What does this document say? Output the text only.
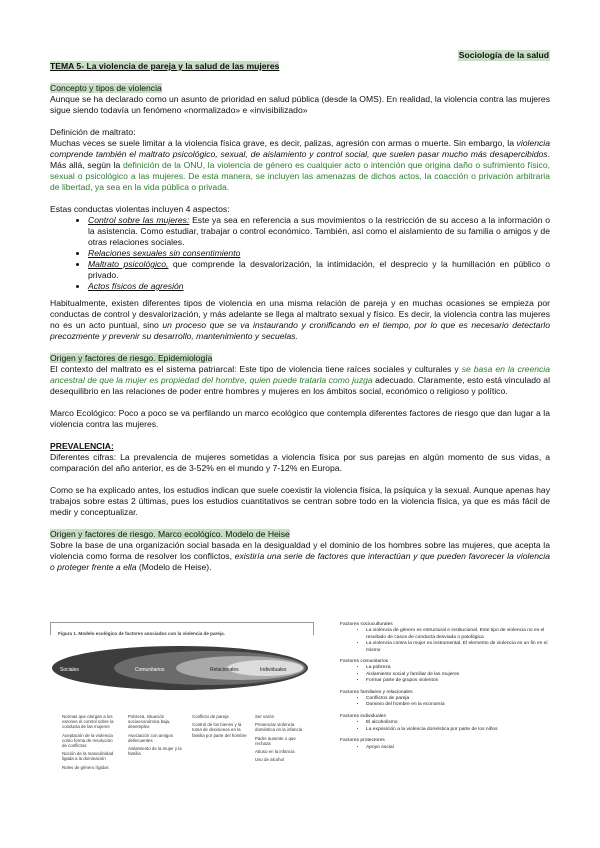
Sociología de la salud

TEMA 5- La violencia de pareja y la salud de las mujeres

Concepto y tipos de violencia

Aunque se ha declarado como un asunto de prioridad en salud pública (desde la OMS). En realidad, la violencia contra las mujeres sigue siendo todavía un fenómeno «normalizado» e «invisibilizado»

Definición de maltrato:

Muchas veces se suele limitar a la violencia física grave, es decir, palizas, agresión con armas o muerte. Sin embargo, la violencia comprende también el maltrato psicológico, sexual, de aislamiento y control social, que suelen pasar mucho más desapercibidos. Más allá, según la definición de la ONU, la violencia de género es cualquier acto o intención que origina daño o sufrimiento físico, sexual o psicológico a las mujeres. De esta manera, se incluyen las amenazas de dichos actos, la coacción o privación arbitraria de libertad, ya sea en la vida pública o privada.

Estas conductas violentas incluyen 4 aspectos:

• Control sobre las mujeres: Este ya sea en referencia a sus movimientos o la restricción de su acceso a la información o la asistencia. Como estudiar, trabajar o control económico. También, así como el aislamiento de su familia o amigos y de otras relaciones sociales.
• Relaciones sexuales sin consentimiento
• Maltrato psicológico, que comprende la desvalorización, la intimidación, el desprecio y la humillación en público o privado.
• Actos físicos de agresión

Habitualmente, existen diferentes tipos de violencia en una misma relación de pareja y en muchas ocasiones se empieza por conductas de control y desvalorización, y más adelante se llega al maltrato sexual y físico. Es decir, la violencia contra las mujeres no es un acto puntual, sino un proceso que se va instaurando y cronificando en el tiempo, por lo que es necesario detectarlo precozmente y prevenir su desarrollo, mantenimiento y secuelas.

Origen y factores de riesgo. Epidemiología

El contexto del maltrato es el sistema patriarcal: Este tipo de violencia tiene raíces sociales y culturales y se basa en la creencia ancestral de que la mujer es propiedad del hombre, quien puede tratarla como juzga adecuado. Claramente, esto está vinculado al desequilibrio en las relaciones de poder entre hombres y mujeres en los ámbitos social, económico o religioso y político.

Marco Ecológico: Poco a poco se va perfilando un marco ecológico que contempla diferentes factores de riesgo que dan lugar a la violencia contra las mujeres.

PREVALENCIA:

Diferentes cifras: La prevalencia de mujeres sometidas a violencia física por sus parejas en algún momento de sus vidas, a comparación del año anterior, es de 3-52% en el mundo y 7-12% en Europa.

Como se ha explicado antes, los estudios indican que suele coexistir la violencia física, la psíquica y la sexual. Aunque apenas hay trabajos sobre estas 2 últimas, pues los estudios cuantitativos se centran sobre todo en la violencia física, ya que es más fácil de medir y conceptualizar.

Origen y factores de riesgo. Marco ecológico. Modelo de Heise

Sobre la base de una organización social basada en la desigualdad y el dominio de los hombres sobre las mujeres, que acepta la violencia como forma de resolver los conflictos, existiría una serie de factores que interactúan y que pueden favorecer la violencia o proteger frente a ella (Modelo de Heise).

Figura 1. Modelo ecológico de factores asociados con la violencia de pareja.
Sociales	Comunitarios	Relacionales	Individuales
Normas que otorgan a los varones el control sobre la conducta de las mujeres
Aceptación de la violencia como forma de resolución de conflictos
Noción de la masculinidad ligada a la dominación
Roles de género rígidos
Pobreza, situación socioeconómica baja, desempleo
Asociación con amigos delincuentes
Aislamiento de la mujer y la familia
Conflicto de pareja
Control de los bienes y la toma de decisiones en la familia por parte del hombre
Ser varón
Presenciar violencia doméstica en la infancia
Padre ausente o que rechaza
Abuso en la infancia
Uso de alcohol
Factores socioculturales
• La violencia de género es estructural e institucional. Este tipo de violencia no es el resultado de casos de conducta desviada o patológica
• La violencia contra la mujer es instrumental. El elemento de violencia es un fin en sí mismo
Factores comunitarios
• La pobreza
• Aislamiento social y familiar de las mujeres
• Formar parte de grupos violentos
Factores familiares y relacionales
• Conflictos de pareja
• Dominio del hombre en la economía
Factores individuales
• El alcoholismo
• La exposición a la violencia doméstica por parte de los niños
Factores protectores
• Apoyo social
